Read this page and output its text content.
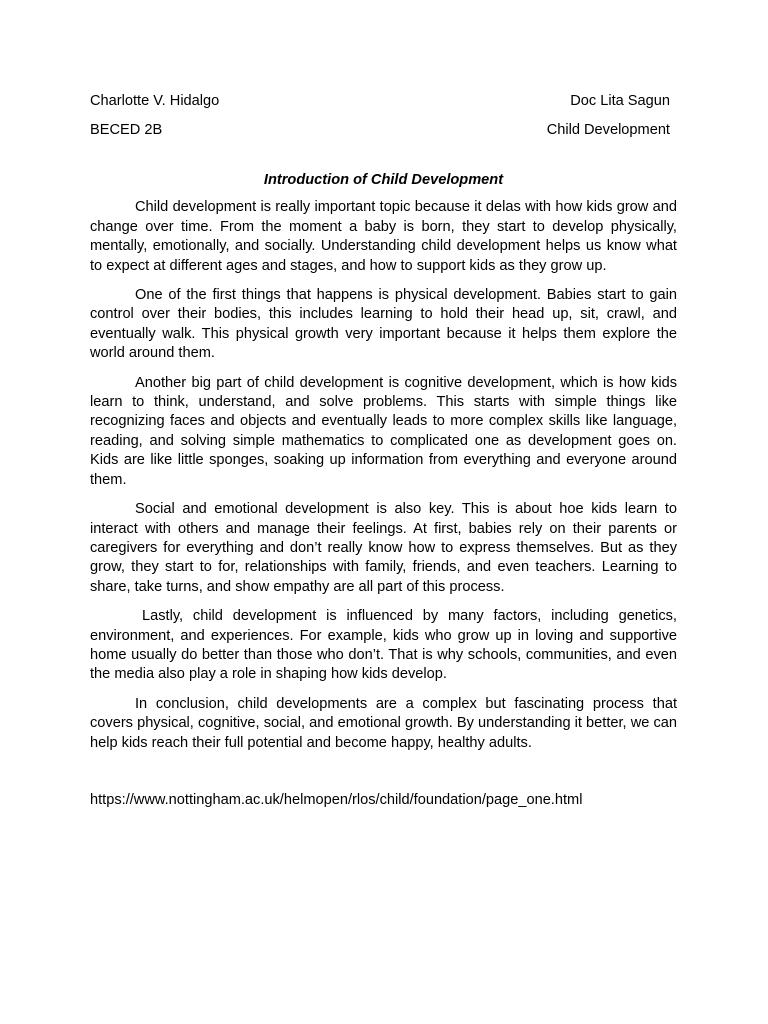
Charlotte V. Hidalgo	Doc Lita Sagun
BECED 2B	Child Development
Introduction of Child Development

Child development is really important topic because it delas with how kids grow and change over time. From the moment a baby is born, they start to develop physically, mentally, emotionally, and socially. Understanding child development helps us know what to expect at different ages and stages, and how to support kids as they grow up.

One of the first things that happens is physical development. Babies start to gain control over their bodies, this includes learning to hold their head up, sit, crawl, and eventually walk. This physical growth very important because it helps them explore the world around them.

Another big part of child development is cognitive development, which is how kids learn to think, understand, and solve problems. This starts with simple things like recognizing faces and objects and eventually leads to more complex skills like language, reading, and solving simple mathematics to complicated one as development goes on. Kids are like little sponges, soaking up information from everything and everyone around them.

Social and emotional development is also key. This is about hoe kids learn to interact with others and manage their feelings. At first, babies rely on their parents or caregivers for everything and don’t really know how to express themselves. But as they grow, they start to for, relationships with family, friends, and even teachers. Learning to share, take turns, and show empathy are all part of this process.

Lastly, child development is influenced by many factors, including genetics, environment, and experiences. For example, kids who grow up in loving and supportive home usually do better than those who don’t. That is why schools, communities, and even the media also play a role in shaping how kids develop.

In conclusion, child developments are a complex but fascinating process that covers physical, cognitive, social, and emotional growth. By understanding it better, we can help kids reach their full potential and become happy, healthy adults.

https://www.nottingham.ac.uk/helmopen/rlos/child/foundation/page_one.html
